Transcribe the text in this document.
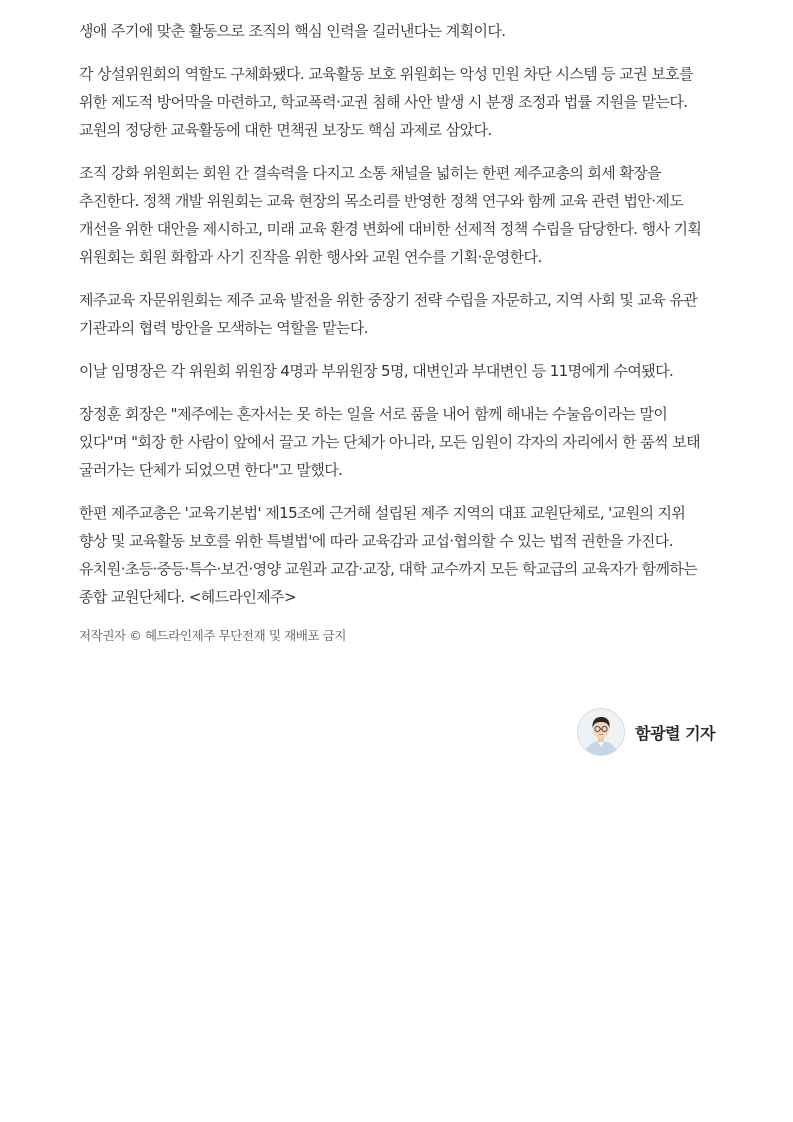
생애 주기에 맞춘 활동으로 조직의 핵심 인력을 길러낸다는 계획이다.

각 상설위원회의 역할도 구체화됐다. 교육활동 보호 위원회는 악성 민원 차단 시스템 등 교권 보호를 위한 제도적 방어막을 마련하고, 학교폭력·교권 침해 사안 발생 시 분쟁 조정과 법률 지원을 맡는다. 교원의 정당한 교육활동에 대한 면책권 보장도 핵심 과제로 삼았다.

조직 강화 위원회는 회원 간 결속력을 다지고 소통 채널을 넓히는 한편 제주교총의 회세 확장을 추진한다. 정책 개발 위원회는 교육 현장의 목소리를 반영한 정책 연구와 함께 교육 관련 법안·제도 개선을 위한 대안을 제시하고, 미래 교육 환경 변화에 대비한 선제적 정책 수립을 담당한다. 행사 기획 위원회는 회원 화합과 사기 진작을 위한 행사와 교원 연수를 기획·운영한다.

제주교육 자문위원회는 제주 교육 발전을 위한 중장기 전략 수립을 자문하고, 지역 사회 및 교육 유관 기관과의 협력 방안을 모색하는 역할을 맡는다.

이날 임명장은 각 위원회 위원장 4명과 부위원장 5명, 대변인과 부대변인 등 11명에게 수여됐다.

장정훈 회장은 "제주에는 혼자서는 못 하는 일을 서로 품을 내어 함께 해내는 수눌음이라는 말이 있다"며 "회장 한 사람이 앞에서 끌고 가는 단체가 아니라, 모든 임원이 각자의 자리에서 한 품씩 보태 굴러가는 단체가 되었으면 한다"고 말했다.

한편 제주교총은 '교육기본법' 제15조에 근거해 설립된 제주 지역의 대표 교원단체로, '교원의 지위 향상 및 교육활동 보호를 위한 특별법'에 따라 교육감과 교섭·협의할 수 있는 법적 권한을 가진다. 유치원·초등·중등·특수·보건·영양 교원과 교감·교장, 대학 교수까지 모든 학교급의 교육자가 함께하는 종합 교원단체다. <헤드라인제주>

저작권자 © 헤드라인제주 무단전재 및 재배포 금지

함광렬 기자
